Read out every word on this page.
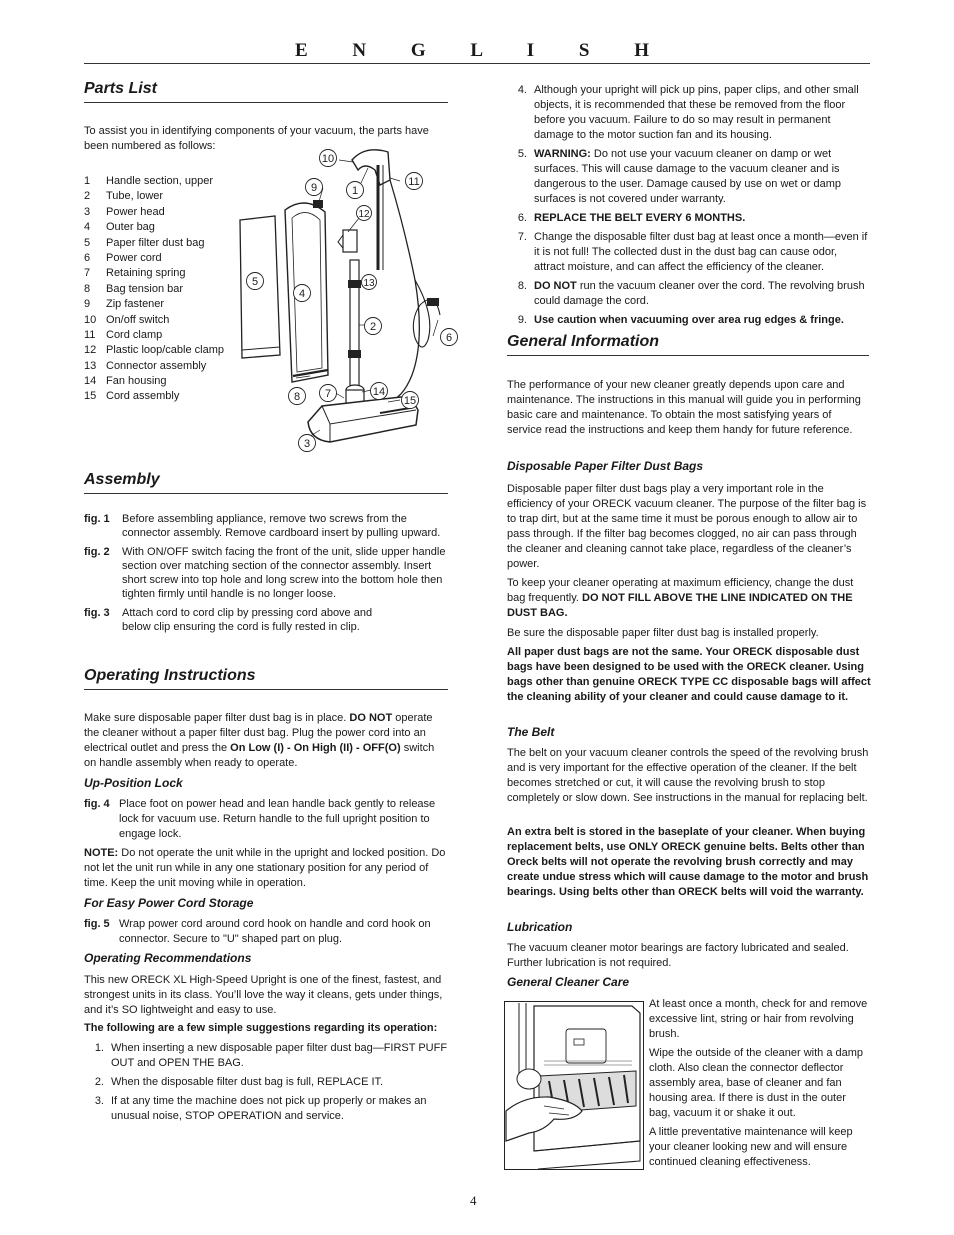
E N G L I S H
Parts List
To assist you in identifying components of your vacuum, the parts have been numbered as follows:
1	Handle section, upper
2	Tube, lower
3	Power head
4	Outer bag
5	Paper filter dust bag
6	Power cord
7	Retaining spring
8	Bag tension bar
9	Zip fastener
10 On/off switch
11 Cord clamp
12 Plastic loop/cable clamp
13 Connector assembly
14 Fan housing
15 Cord assembly
10
9	1
11
12
13
5
4
2
6
7	14
8	15
3
Assembly
fig. 1	Before assembling appliance, remove two screws from the connector assembly. Remove cardboard insert by pulling upward.
fig. 2	With ON/OFF switch facing the front of the unit, slide upper handle section over matching section of the connector assembly. Insert short screw into top hole and long screw into the bottom hole then tighten firmly until handle is no longer loose.
fig. 3	Attach cord to cord clip by pressing cord above and below clip ensuring the cord is fully rested in clip.
Operating Instructions
Make sure disposable paper filter dust bag is in place. DO NOT operate the cleaner without a paper filter dust bag. Plug the power cord into an electrical outlet and press the On Low (I) - On High (II) - OFF(O) switch on handle assembly when ready to operate.
Up-Position Lock
fig. 4 Place foot on power head and lean handle back gently to release lock for vacuum use. Return handle to the full upright position to engage lock.
NOTE: Do not operate the unit while in the upright and locked position. Do not let the unit run while in any one stationary position for any period of time. Keep the unit moving while in operation.
For Easy Power Cord Storage
fig. 5 Wrap power cord around cord hook on handle and cord hook on connector. Secure to "U" shaped part on plug.
Operating Recommendations
This new ORECK XL High-Speed Upright is one of the finest, fastest, and strongest units in its class. You’ll love the way it cleans, gets under things, and it’s SO lightweight and easy to use.
The following are a few simple suggestions regarding its operation:
1. When inserting a new disposable paper filter dust bag—FIRST PUFF OUT and OPEN THE BAG.
2. When the disposable filter dust bag is full, REPLACE IT.
3. If at any time the machine does not pick up properly or makes an unusual noise, STOP OPERATION and service.
4. Although your upright will pick up pins, paper clips, and other small objects, it is recommended that these be removed from the floor before you vacuum. Failure to do so may result in permanent damage to the motor suction fan and its housing.
5. WARNING: Do not use your vacuum cleaner on damp or wet surfaces. This will cause damage to the vacuum cleaner and is dangerous to the user. Damage caused by use on wet or damp surfaces is not covered under warranty.
6. REPLACE THE BELT EVERY 6 MONTHS.
7. Change the disposable filter dust bag at least once a month—even if it is not full! The collected dust in the dust bag can cause odor, attract moisture, and can affect the efficiency of the cleaner.
8. DO NOT run the vacuum cleaner over the cord. The revolving brush could damage the cord.
9. Use caution when vacuuming over area rug edges & fringe.
General Information
The performance of your new cleaner greatly depends upon care and maintenance. The instructions in this manual will guide you in performing basic care and maintenance. To obtain the most satisfying years of service read the instructions and keep them handy for future reference.
Disposable Paper Filter Dust Bags
Disposable paper filter dust bags play a very important role in the efficiency of your ORECK vacuum cleaner. The purpose of the filter bag is to trap dirt, but at the same time it must be porous enough to allow air to pass through. If the filter bag becomes clogged, no air can pass through the cleaner and cleaning cannot take place, regardless of the cleaner’s power.
To keep your cleaner operating at maximum efficiency, change the dust bag frequently. DO NOT FILL ABOVE THE LINE INDICATED ON THE DUST BAG.
Be sure the disposable paper filter dust bag is installed properly.
All paper dust bags are not the same. Your ORECK disposable dust bags have been designed to be used with the ORECK cleaner. Using bags other than genuine ORECK TYPE CC disposable bags will affect the cleaning ability of your cleaner and could cause damage to it.
The Belt
The belt on your vacuum cleaner controls the speed of the revolving brush and is very important for the effective operation of the cleaner. If the belt becomes stretched or cut, it will cause the revolving brush to stop completely or slow down. See instructions in the manual for replacing belt.
An extra belt is stored in the baseplate of your cleaner. When buying replacement belts, use ONLY ORECK genuine belts. Belts other than Oreck belts will not operate the revolving brush correctly and may create undue stress which will cause damage to the motor and brush bearings. Using belts other than ORECK belts will void the warranty.
Lubrication
The vacuum cleaner motor bearings are factory lubricated and sealed. Further lubrication is not required.
General Cleaner Care
At least once a month, check for and remove excessive lint, string or hair from revolving brush.
Wipe the outside of the cleaner with a damp cloth. Also clean the connector deflector assembly area, base of cleaner and fan housing area. If there is dust in the outer bag, vacuum it or shake it out.
A little preventative maintenance will keep your cleaner looking new and will ensure continued cleaning effectiveness.
4
